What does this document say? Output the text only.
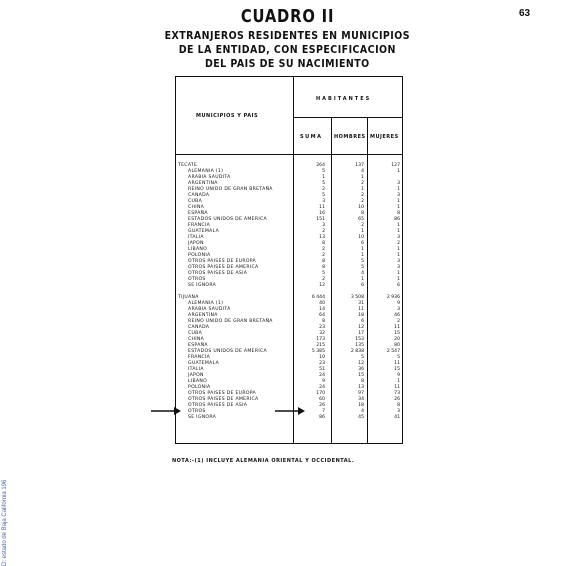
63
D: estado de Baja California 196
CUADRO II
EXTRANJEROS RESIDENTES EN MUNICIPIOS
DE LA ENTIDAD, CON ESPECIFICACION
DEL PAIS DE SU NACIMIENTO
MUNICIPIOS Y PAIS
HABITANTES
SUMA HOMBRES MUJERES
TECATE	264	137	127
ALEMANIA (1)	5	4	1
ARABIA SAUDITA	1	1
ARGENTINA	5	2	3
REINO UNIDO DE GRAN BRETAÑA	2	1	1
CANADA	5	2	3
CUBA	3	2	1
CHINA	11	10	1
ESPAÑA	16	8	8
ESTADOS UNIDOS DE AMERICA	151	65	86
FRANCIA	3	2	1
GUATEMALA	2	1	1
ITALIA	13	10	3
JAPON	8	6	2
LIBANO	2	1	1
POLONIA	2	1	1
OTROS PAISES DE EUROPA	8	5	3
OTROS PAISES DE AMERICA	8	5	3
OTROS PAISES DE ASIA	5	4	1
OTROS	2	1	1
SE IGNORA	12	6	6
TIJUANA	6 444	3 508	2 936
ALEMANIA (1)	40	31	9
ARABIA SAUDITA	14	11	3
ARGENTINA	64	18	46
REINO UNIDO DE GRAN BRETAÑA	8	6	2
CANADA	23	12	11
CUBA	32	17	15
CHINA	173	153	20
ESPAÑA	215	135	80
ESTADOS UNIDOS DE AMERICA	5 385	2 838	2 547
FRANCIA	10	5	5
GUATEMALA	23	12	11
ITALIA	51	36	15
JAPON	24	15	9
LIBANO	9	8	1
POLONIA	24	13	11
OTROS PAISES DE EUROPA	170	97	73
OTROS PAISES DE AMERICA	60	34	26
OTROS PAISES DE ASIA	26	18	8
OTROS	7	4	3
SE IGNORA	86	45	41
NOTA:-(1) INCLUYE ALEMANIA ORIENTAL Y OCCIDENTAL.
